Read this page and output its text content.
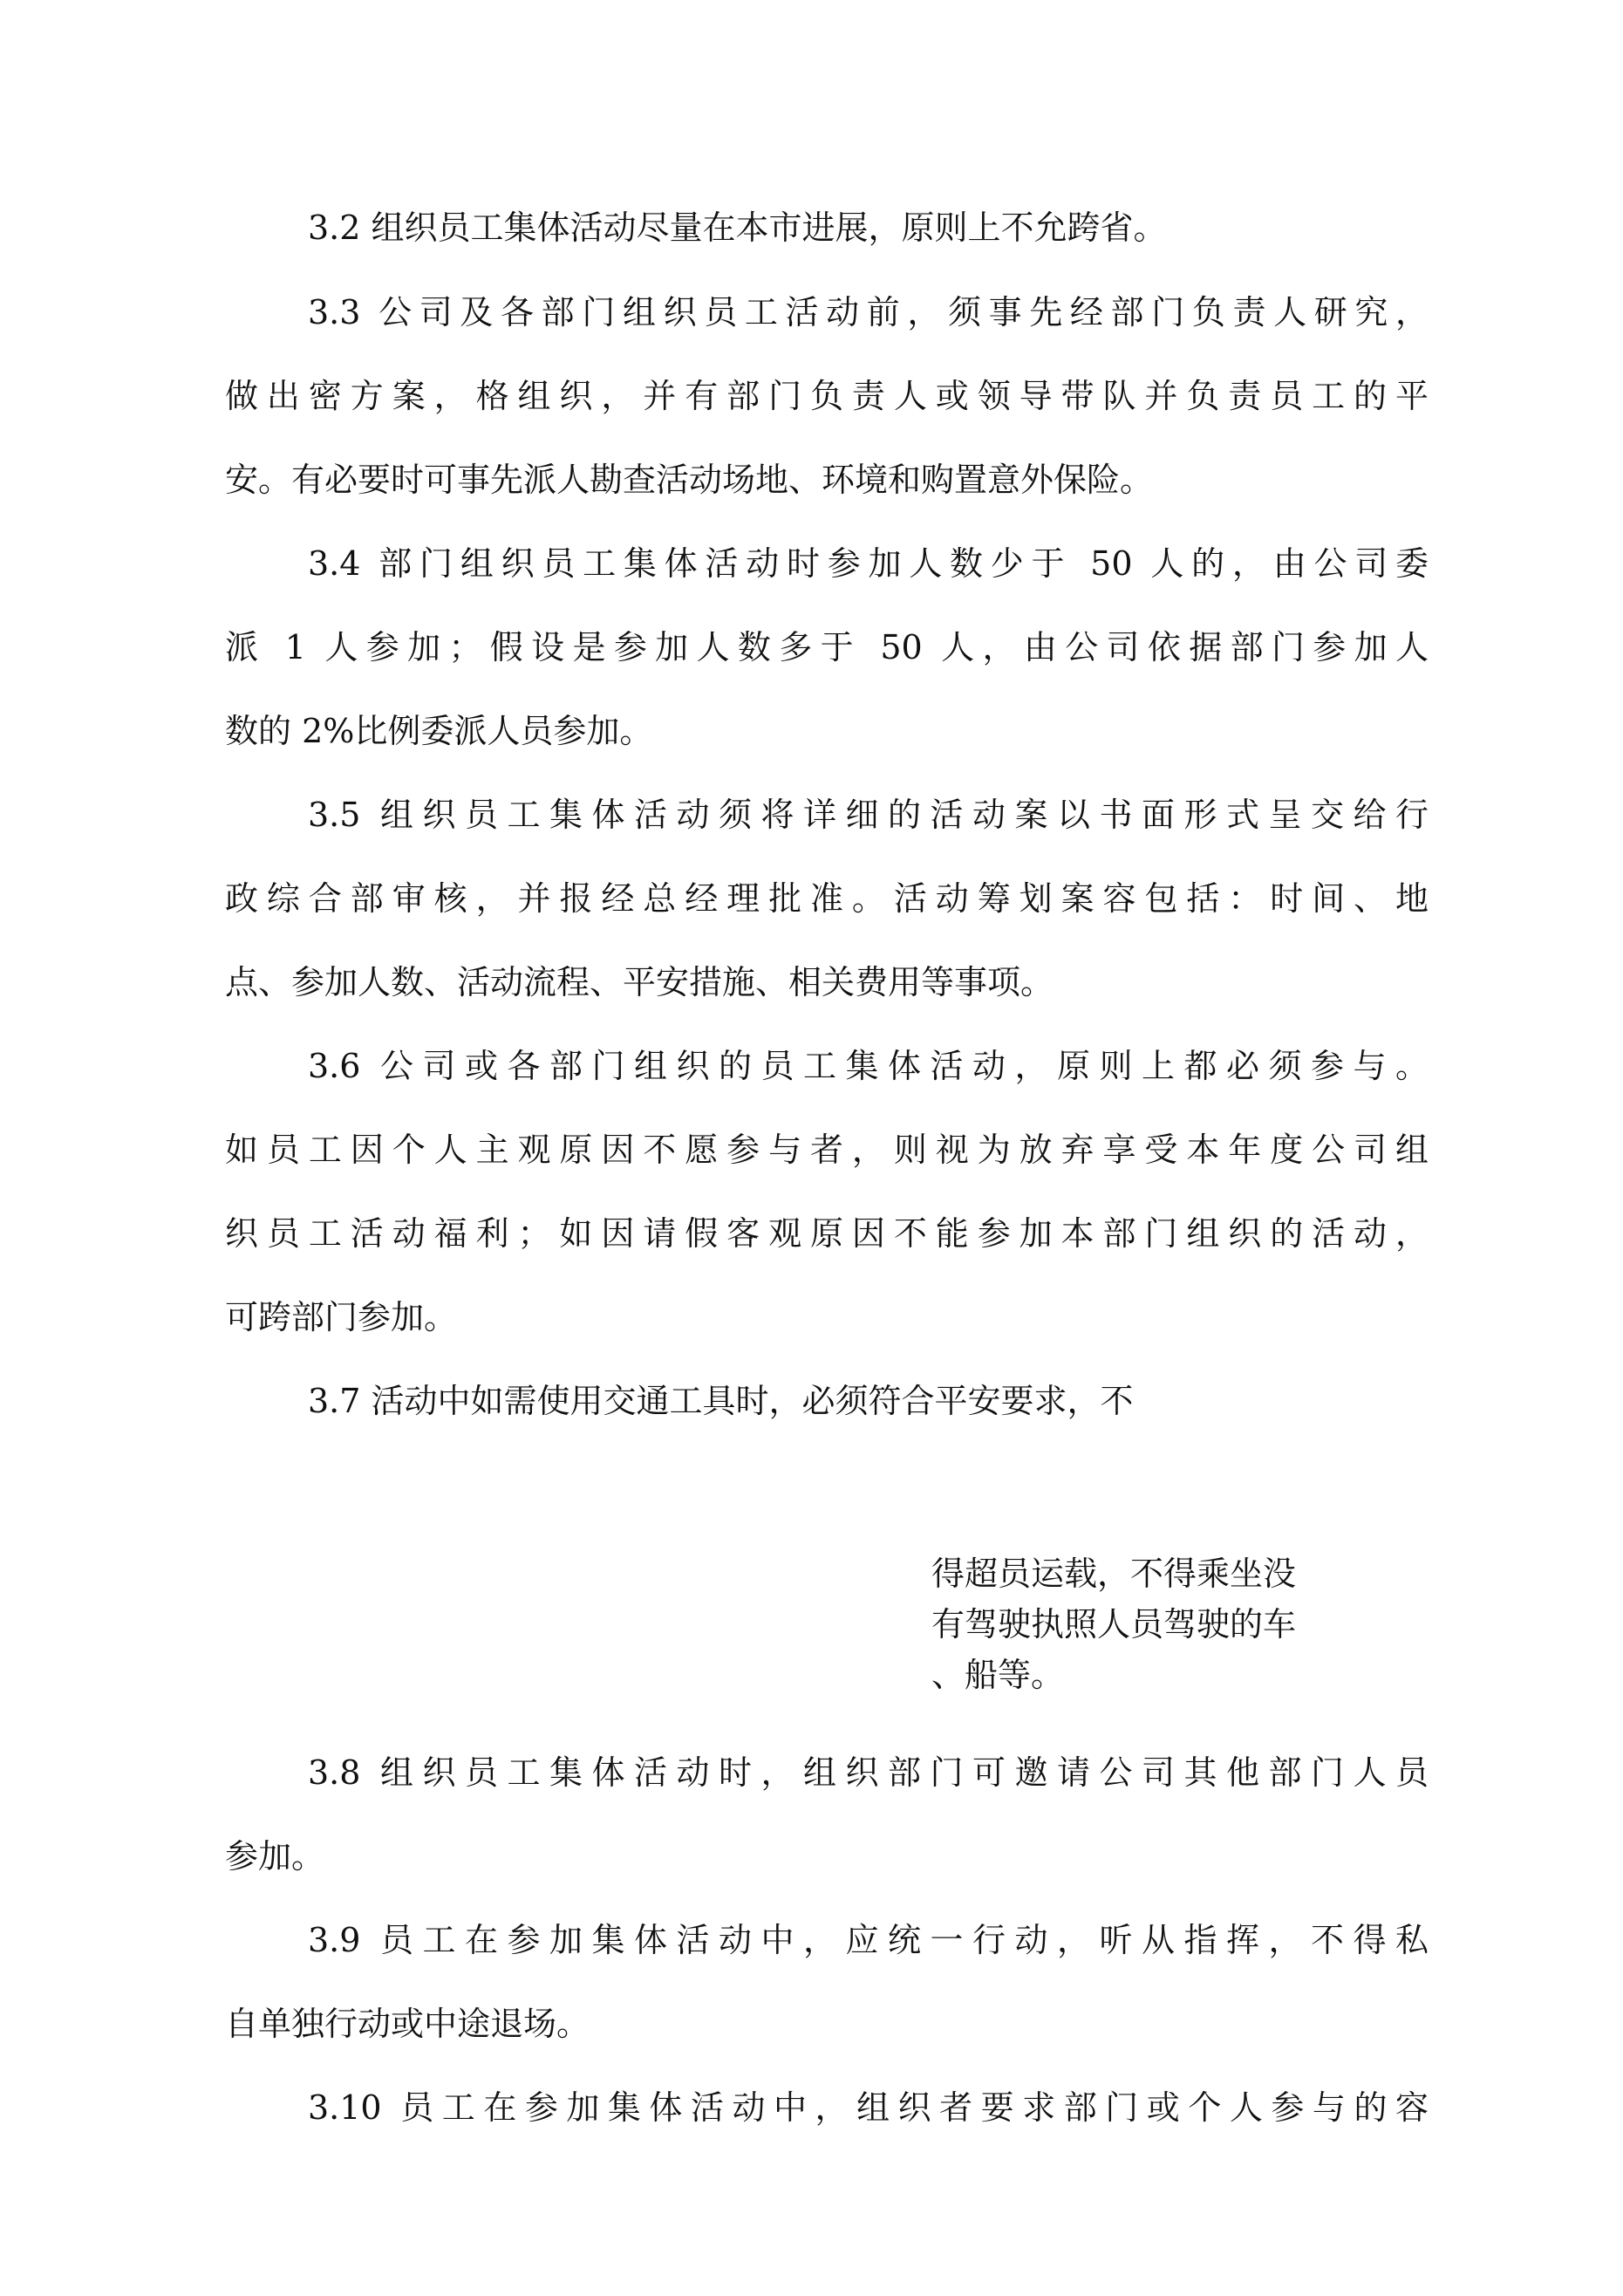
3.2 组织员工集体活动尽量在本市进展，原则上不允跨省。
3.3 公司及各部门组织员工活动前，须事先经部门负责人研究，
做出密方案，格组织，并有部门负责人或领导带队并负责员工的平
安。有必要时可事先派人勘查活动场地、环境和购置意外保险。
3.4 部门组织员工集体活动时参加人数少于 50 人的，由公司委
派 1 人参加；假设是参加人数多于 50 人，由公司依据部门参加人
数的 2%比例委派人员参加。
3.5 组织员工集体活动须将详细的活动案以书面形式呈交给行
政综合部审核，并报经总经理批准。活动筹划案容包括：时间、地
点、参加人数、活动流程、平安措施、相关费用等事项。
3.6 公司或各部门组织的员工集体活动，原则上都必须参与。
如员工因个人主观原因不愿参与者，则视为放弃享受本年度公司组
织员工活动福利；如因请假客观原因不能参加本部门组织的活动，
可跨部门参加。
3.7 活动中如需使用交通工具时，必须符合平安要求，不
得超员运载，不得乘坐没
有驾驶执照人员驾驶的车
、船等。
3.8 组织员工集体活动时，组织部门可邀请公司其他部门人员
参加。
3.9 员工在参加集体活动中，应统一行动，听从指挥，不得私
自单独行动或中途退场。
3.10 员工在参加集体活动中，组织者要求部门或个人参与的容
